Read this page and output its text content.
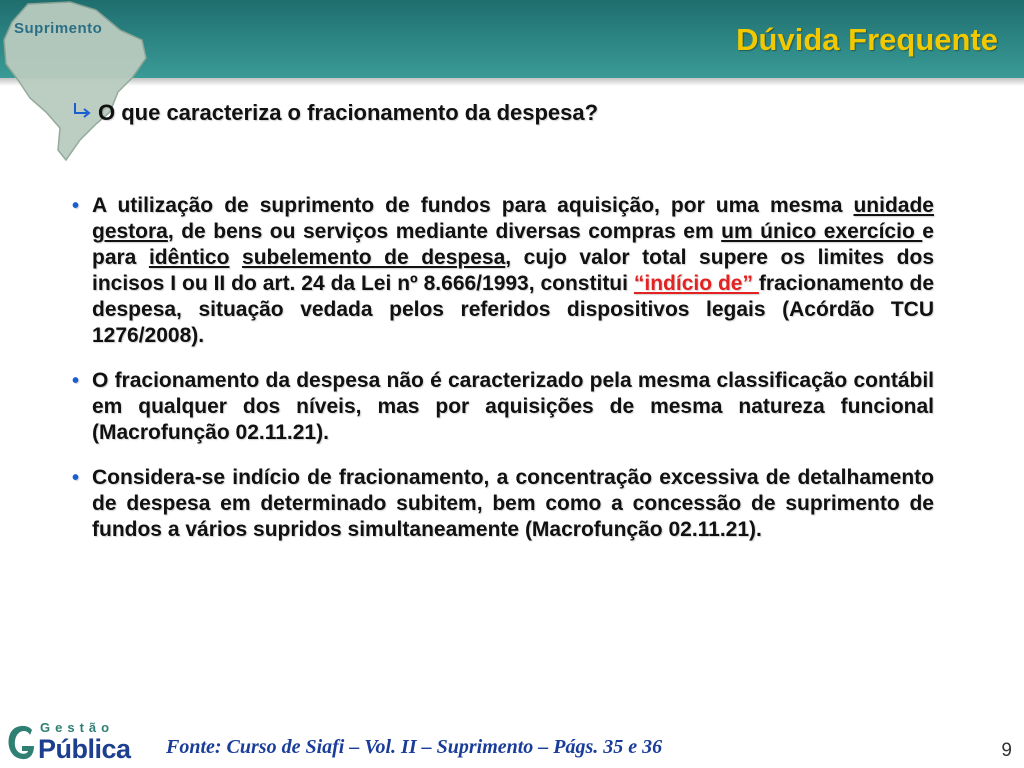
Suprimento	Dúvida Frequente
O que caracteriza o fracionamento da despesa?
• A utilização de suprimento de fundos para aquisição, por uma mesma unidade gestora, de bens ou serviços mediante diversas compras em um único exercício e para idêntico subelemento de despesa, cujo valor total supere os limites dos incisos I ou II do art. 24 da Lei nº 8.666/1993, constitui “indício de” fracionamento de despesa, situação vedada pelos referidos dispositivos legais (Acórdão TCU 1276/2008).
• O fracionamento da despesa não é caracterizado pela mesma classificação contábil em qualquer dos níveis, mas por aquisições de mesma natureza funcional (Macrofunção 02.11.21).
• Considera-se indício de fracionamento, a concentração excessiva de detalhamento de despesa em determinado subitem, bem como a concessão de suprimento de fundos a vários supridos simultaneamente (Macrofunção 02.11.21).
Gestão
Pública Fonte: Curso de Siafi – Vol. II – Suprimento – Págs. 35 e 36	9
